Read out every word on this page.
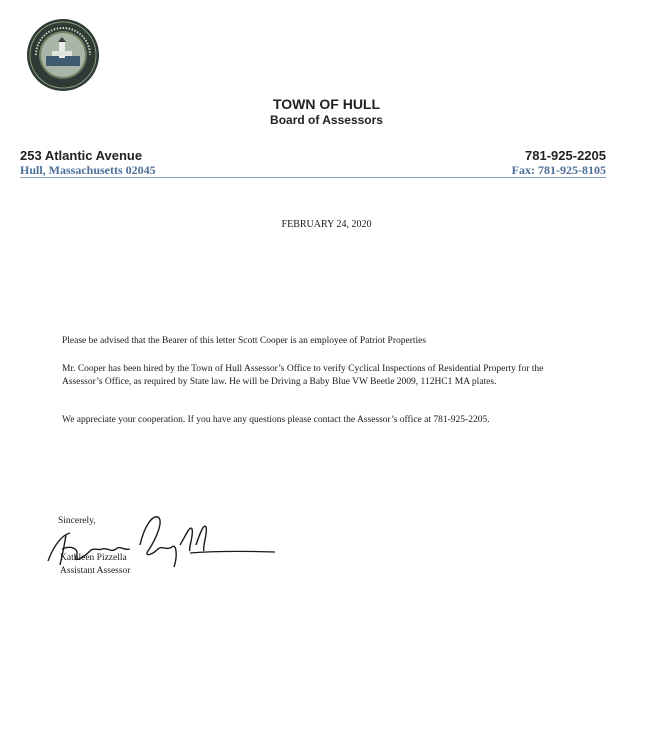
TOWN OF HULL
Board of Assessors
253 Atlantic Avenue
Hull, Massachusetts 02045
781-925-2205
Fax: 781-925-8105
FEBRUARY 24, 2020

Please be advised that the Bearer of this letter Scott Cooper is an employee of Patriot Properties

Mr. Cooper has been hired by the Town of Hull Assessor’s Office to verify Cyclical Inspections of Residential Property for the Assessor’s Office, as required by State law. He will be Driving a Baby Blue VW Beetle 2009, 112HC1 MA plates.

We appreciate your cooperation. If you have any questions please contact the Assessor’s office at 781-925-2205.

Sincerely,
Kathleen Pizzella
Assistant Assessor
